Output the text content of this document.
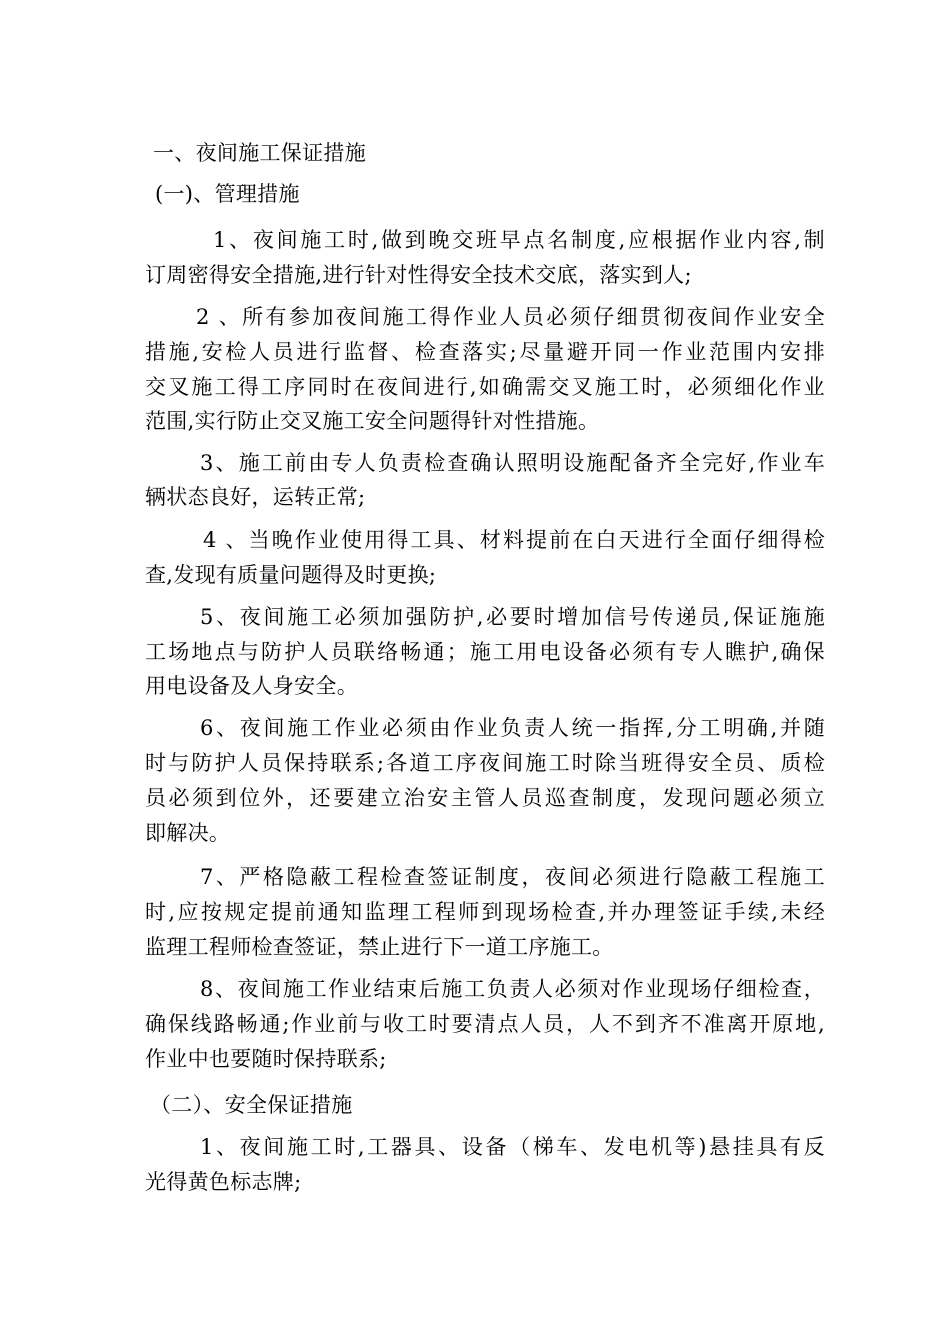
一、夜间施工保证措施
(一)、管理措施
1、夜间施工时,做到晚交班早点名制度,应根据作业内容,制
订周密得安全措施,进行针对性得安全技术交底，落实到人;
2 、所有参加夜间施工得作业人员必须仔细贯彻夜间作业安全
措施,安检人员进行监督、检查落实;尽量避开同一作业范围内安排
交叉施工得工序同时在夜间进行,如确需交叉施工时，必须细化作业
范围,实行防止交叉施工安全问题得针对性措施。
3、施工前由专人负责检查确认照明设施配备齐全完好,作业车
辆状态良好，运转正常;
4 、当晚作业使用得工具、材料提前在白天进行全面仔细得检
查,发现有质量问题得及时更换;
5、夜间施工必须加强防护,必要时增加信号传递员,保证施施
工场地点与防护人员联络畅通；施工用电设备必须有专人瞧护,确保
用电设备及人身安全。
6、夜间施工作业必须由作业负责人统一指挥,分工明确,并随
时与防护人员保持联系;各道工序夜间施工时除当班得安全员、质检
员必须到位外，还要建立治安主管人员巡查制度，发现问题必须立
即解决。
7、严格隐蔽工程检查签证制度，夜间必须进行隐蔽工程施工
时,应按规定提前通知监理工程师到现场检查,并办理签证手续,未经
监理工程师检查签证，禁止进行下一道工序施工。
8、夜间施工作业结束后施工负责人必须对作业现场仔细检查，
确保线路畅通;作业前与收工时要清点人员，人不到齐不准离开原地,
作业中也要随时保持联系;
（二）、安全保证措施
1、夜间施工时,工器具、设备（梯车、发电机等)悬挂具有反
光得黄色标志牌;
